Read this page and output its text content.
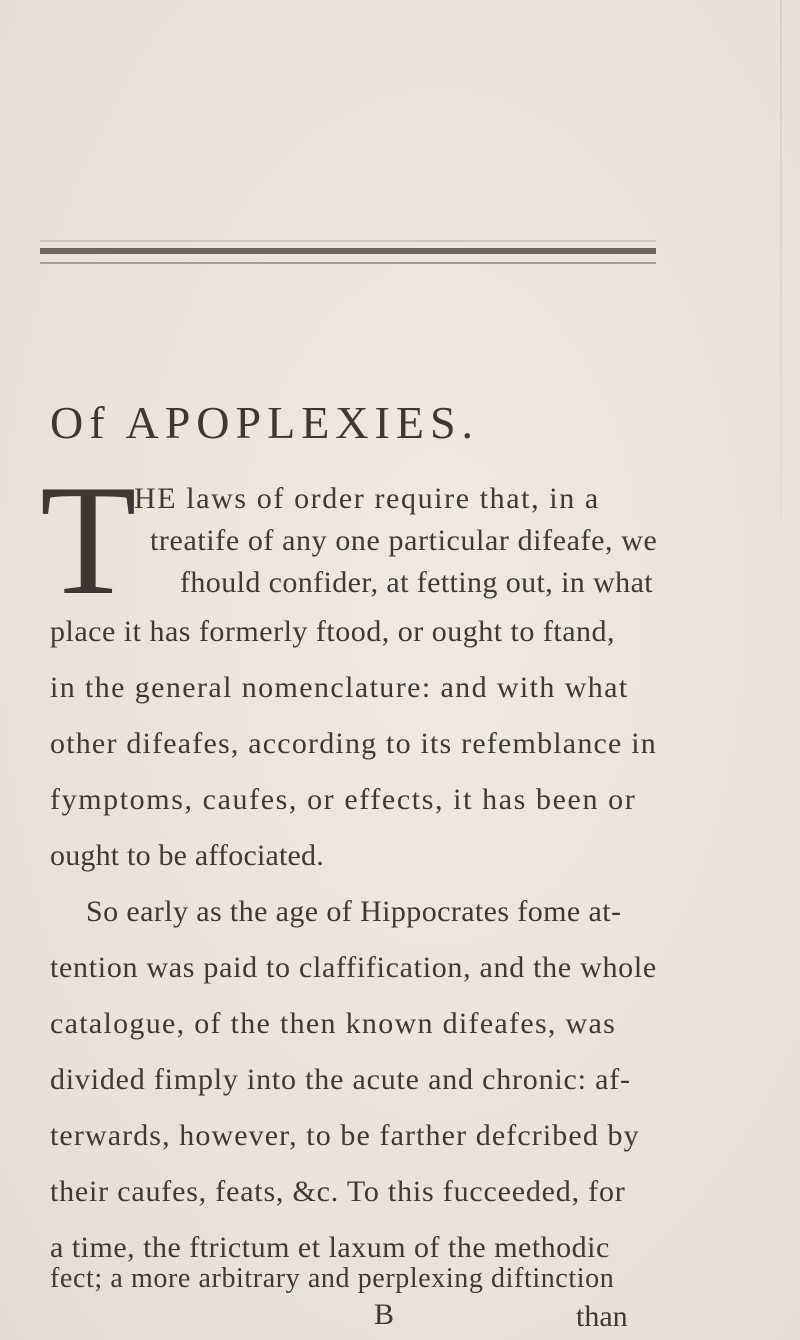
Of APOPLEXIES.
T

HE laws of order require that, in a

treatife of any one particular difeafe, we

fhould confider, at fetting out, in what

place it has formerly ftood, or ought to ftand,

in the general nomenclature: and with what

other difeafes, according to its refemblance in

fymptoms, caufes, or effects, it has been or

ought to be affociated.

So early as the age of Hippocrates fome at-

tention was paid to claffification, and the whole

catalogue, of the then known difeafes, was

divided fimply into the acute and chronic: af-

terwards, however, to be farther defcribed by

their caufes, feats, &c. To this fucceeded, for

a time, the ftrictum et laxum of the methodic

B	than

fect; a more arbitrary and perplexing diftinction
